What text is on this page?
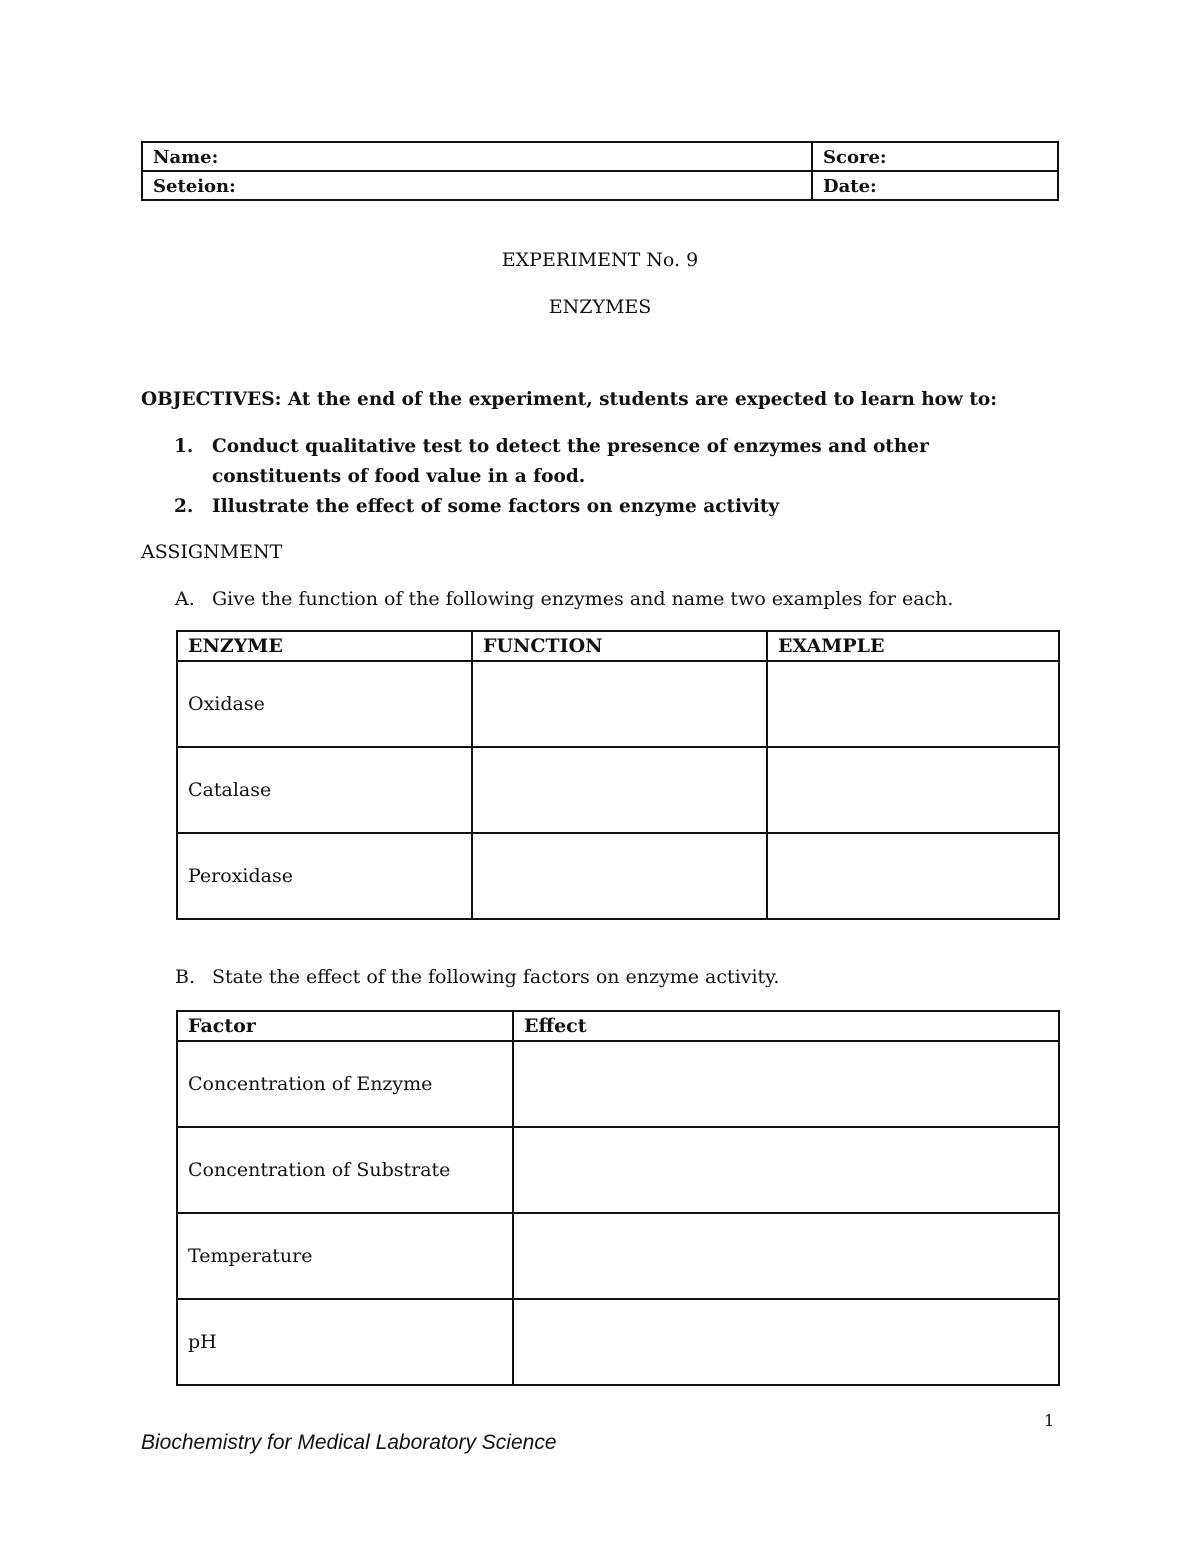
Name:	Score:
Seteion:	Date:
EXPERIMENT No. 9
ENZYMES
OBJECTIVES: At the end of the experiment, students are expected to learn how to:
1.	Conduct qualitative test to detect the presence of enzymes and other constituents of food value in a food.
2.	Illustrate the effect of some factors on enzyme activity
ASSIGNMENT
A. Give the function of the following enzymes and name two examples for each.
ENZYME	FUNCTION	EXAMPLE
Oxidase		
Catalase		
Peroxidase		
B. State the effect of the following factors on enzyme activity.
Factor	Effect
Concentration of Enzyme	
Concentration of Substrate	
Temperature	
pH	
1
Biochemistry for Medical Laboratory Science
